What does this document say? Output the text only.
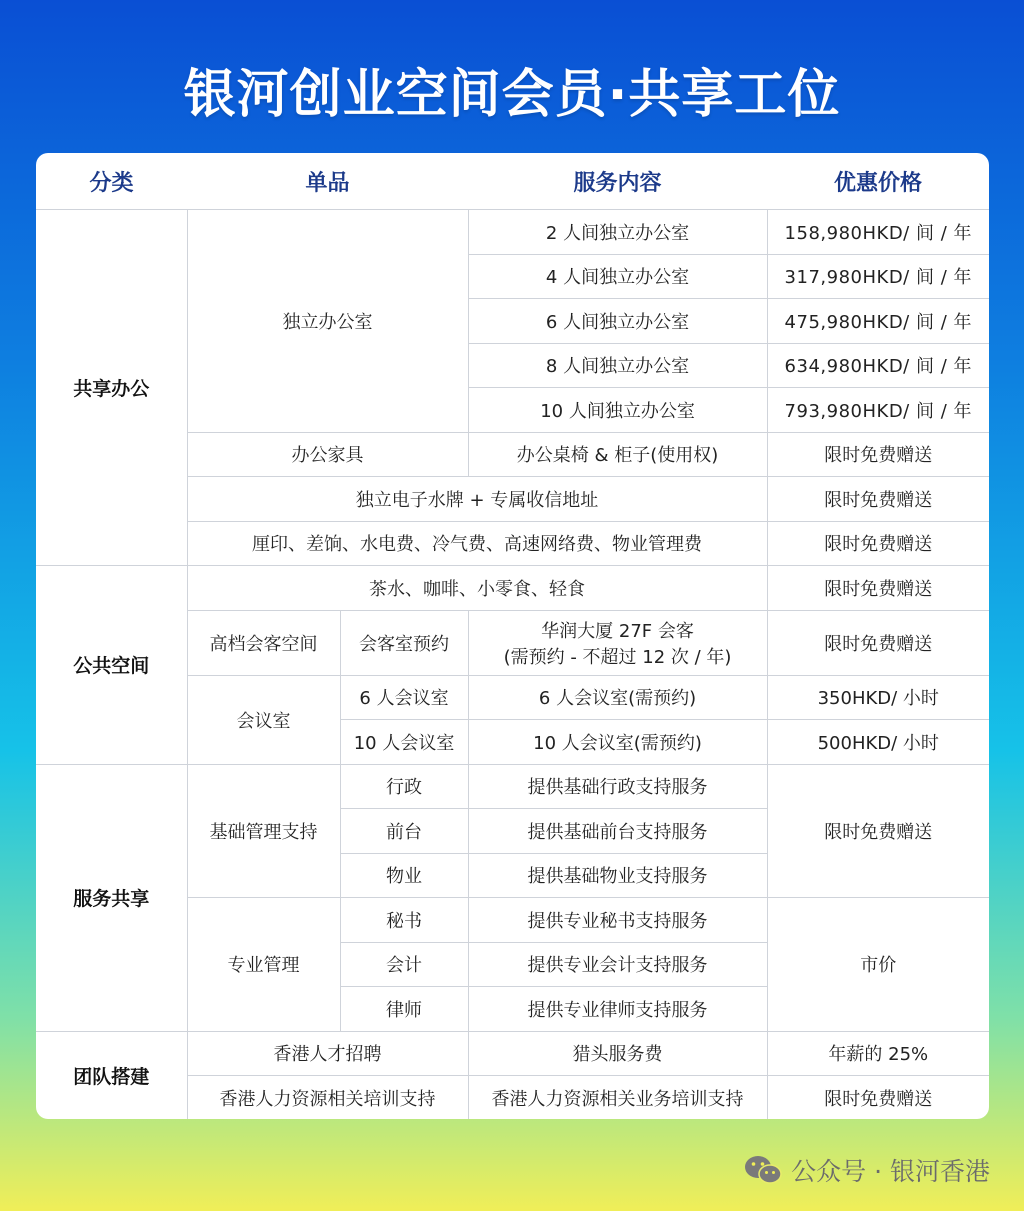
银河创业空间会员·共享工位
分类	单品		服务内容	优惠价格
共享办公	独立办公室		2 人间独立办公室	158,980HKD/ 间 / 年
			4 人间独立办公室	317,980HKD/ 间 / 年
			6 人间独立办公室	475,980HKD/ 间 / 年
			8 人间独立办公室	634,980HKD/ 间 / 年
			10 人间独立办公室	793,980HKD/ 间 / 年
	办公家具		办公桌椅 & 柜子(使用权)	限时免费赠送
	独立电子水牌 + 专属收信地址			限时免费赠送
	厘印、差饷、水电费、冷气费、高速网络费、物业管理费			限时免费赠送
公共空间	茶水、咖啡、小零食、轻食			限时免费赠送
	高档会客空间	会客室预约	华润大厦 27F 会客
(需预约 - 不超过 12 次 / 年)	限时免费赠送
	会议室	6 人会议室	6 人会议室(需预约)	350HKD/ 小时
		10 人会议室	10 人会议室(需预约)	500HKD/ 小时
服务共享	基础管理支持	行政	提供基础行政支持服务	限时免费赠送
		前台	提供基础前台支持服务	
		物业	提供基础物业支持服务	
	专业管理	秘书	提供专业秘书支持服务	市价
		会计	提供专业会计支持服务	
		律师	提供专业律师支持服务	
团队搭建	香港人才招聘		猎头服务费	年薪的 25%
	香港人力资源相关培训支持		香港人力资源相关业务培训支持	限时免费赠送
公众号 · 银河香港
